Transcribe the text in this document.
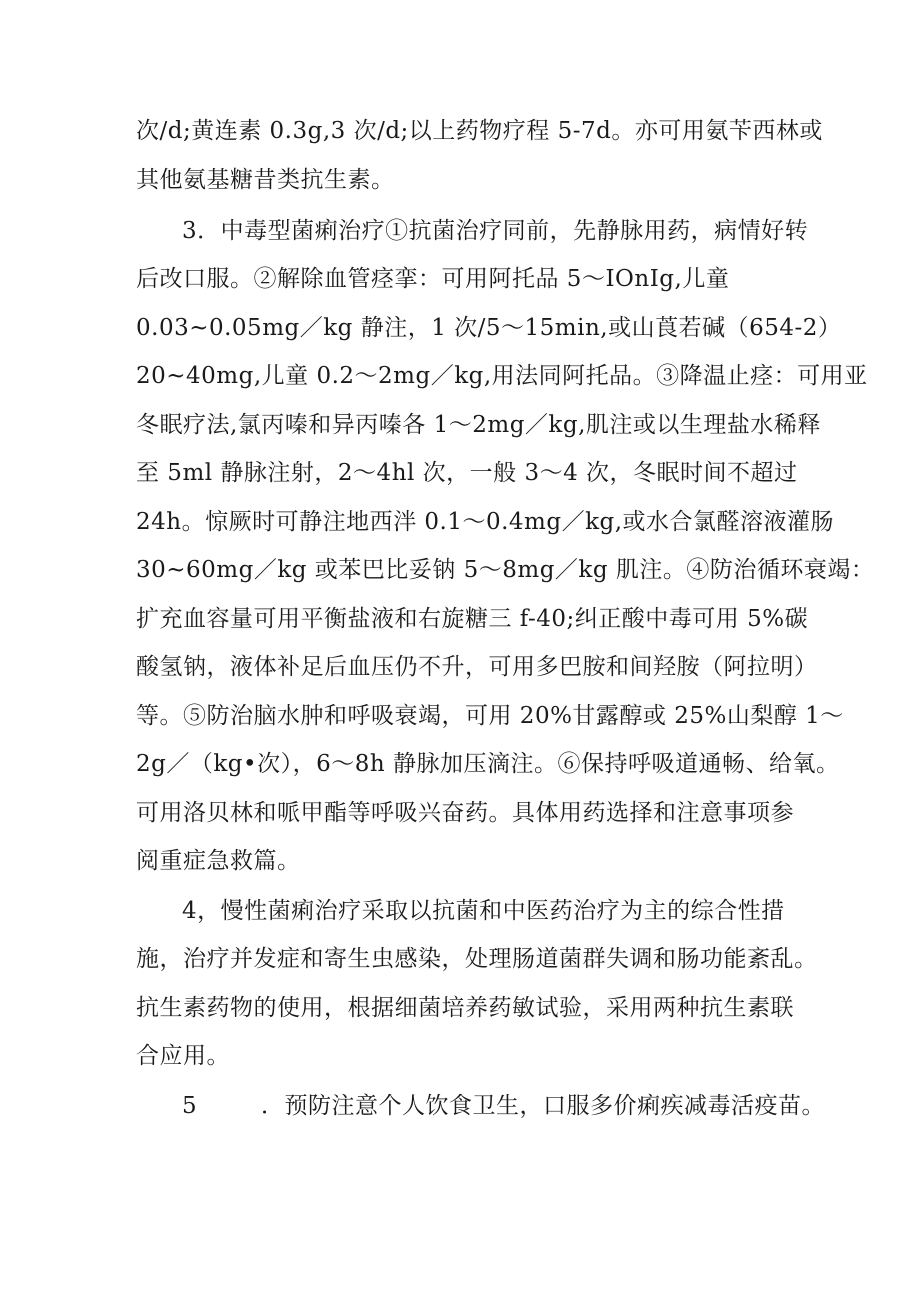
次/d;黄连素 0.3g,3 次/d;以上药物疗程 5-7d。亦可用氨苄西林或

其他氨基糖昔类抗生素。

3．中毒型菌痢治疗①抗菌治疗同前，先静脉用药，病情好转

后改口服。②解除血管痉挛：可用阿托品 5～IOnIg,儿童

0.03~0.05mg／kg 静注，1 次/5～15min,或山莨若碱（654-2）

20~40mg,儿童 0.2～2mg／kg,用法同阿托品。③降温止痉：可用亚

冬眠疗法,氯丙嗪和异丙嗪各 1～2mg／kg,肌注或以生理盐水稀释

至 5ml 静脉注射，2～4hl 次，一般 3～4 次，冬眠时间不超过

24h。惊厥时可静注地西泮 0.1～0.4mg／kg,或水合氯醛溶液灌肠

30~60mg／kg 或苯巴比妥钠 5～8mg／kg 肌注。④防治循环衰竭：

扩充血容量可用平衡盐液和右旋糖三 f-40;纠正酸中毒可用 5%碳

酸氢钠，液体补足后血压仍不升，可用多巴胺和间羟胺（阿拉明）

等。⑤防治脑水肿和呼吸衰竭，可用 20%甘露醇或 25%山梨醇 1～

2g／（kg•次），6～8h 静脉加压滴注。⑥保持呼吸道通畅、给氧。

可用洛贝林和哌甲酯等呼吸兴奋药。具体用药选择和注意事项参

阅重症急救篇。

4，慢性菌痢治疗采取以抗菌和中医药治疗为主的综合性措

施，治疗并发症和寄生虫感染，处理肠道菌群失调和肠功能紊乱。

抗生素药物的使用，根据细菌培养药敏试验，采用两种抗生素联

合应用。

5	．预防注意个人饮食卫生，口服多价痢疾减毒活疫苗。
